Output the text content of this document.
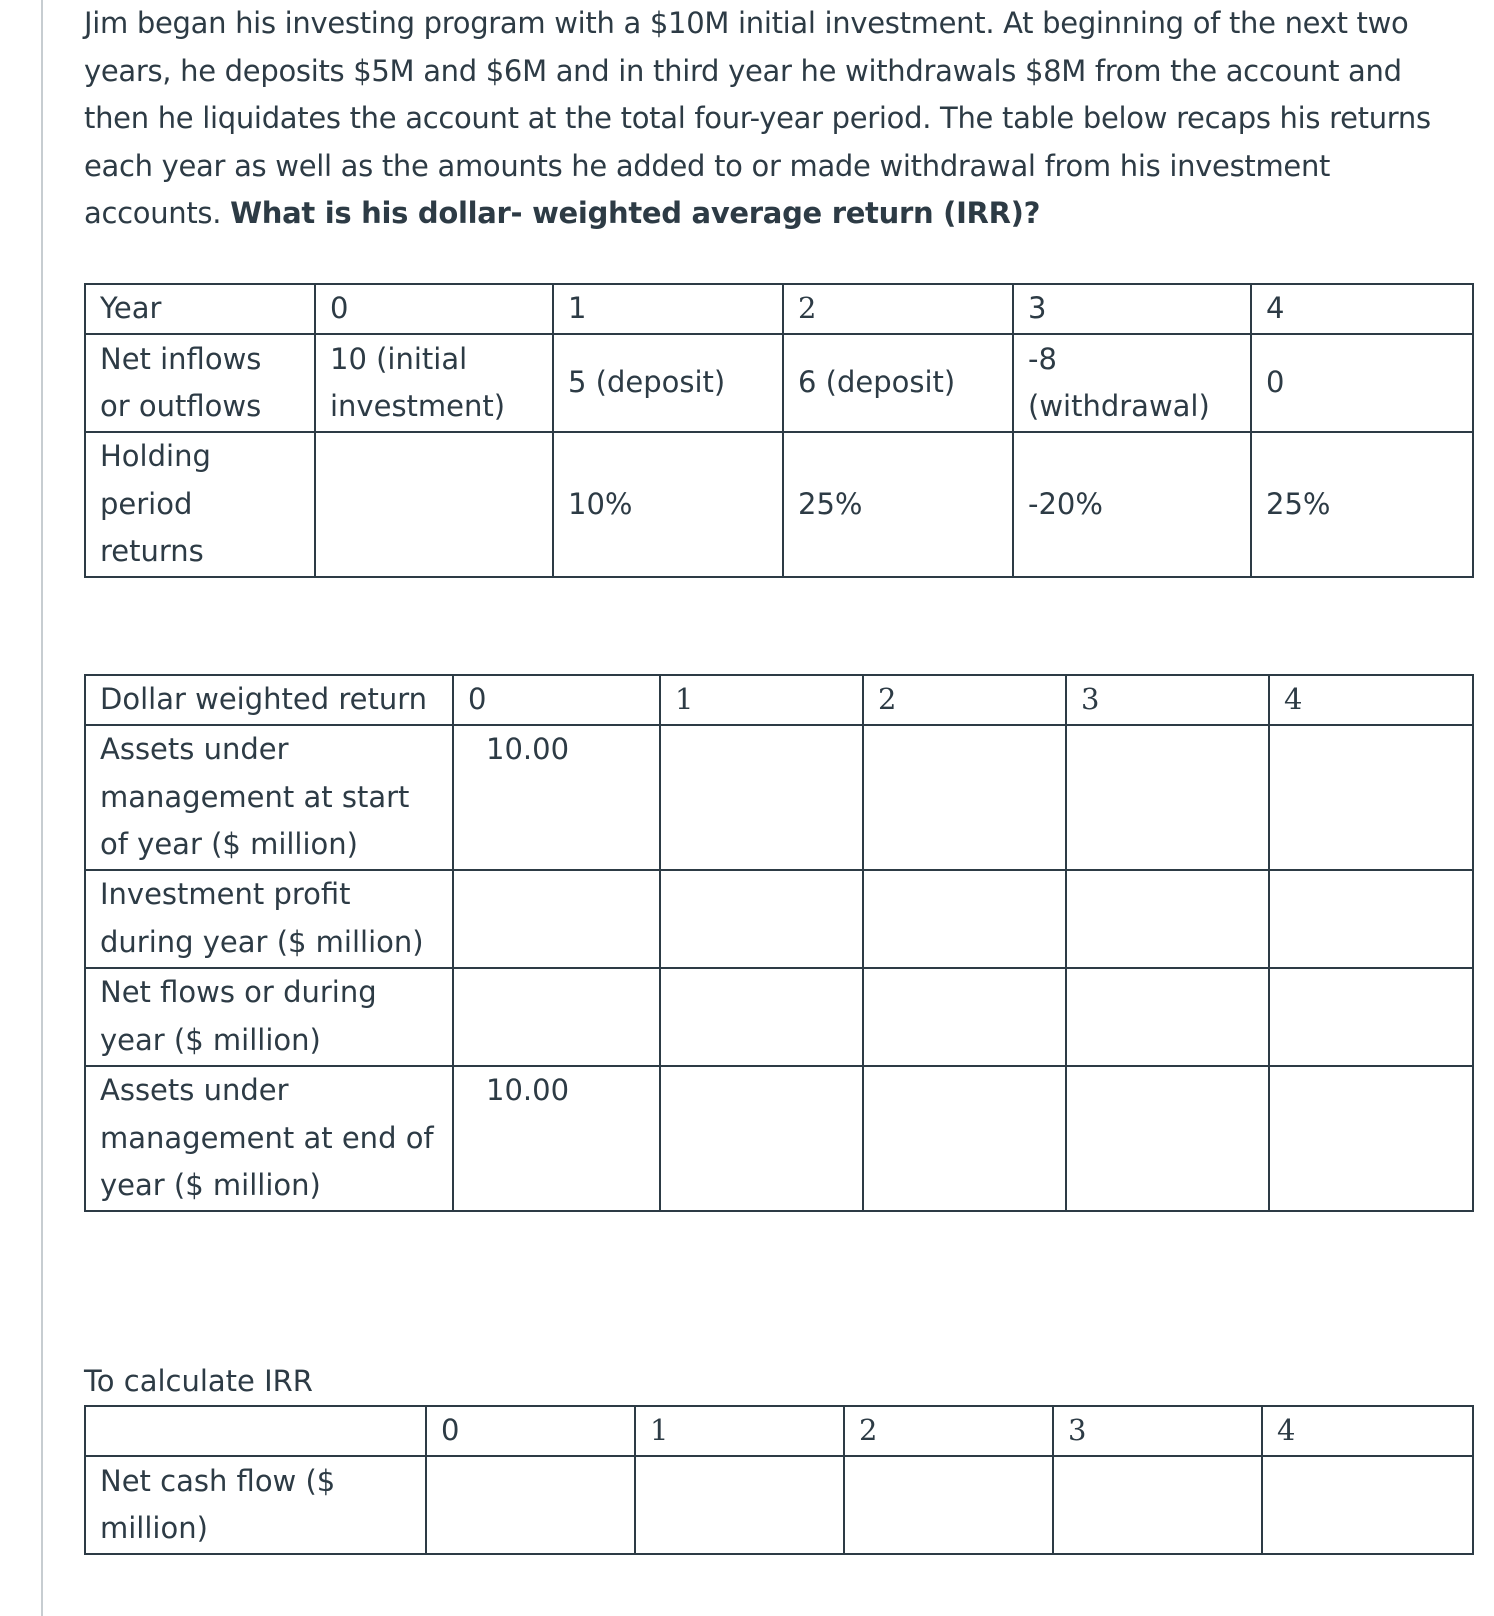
Jim began his investing program with a $10M initial investment. At beginning of the next two years, he deposits $5M and $6M and in third year he withdrawals $8M from the account and then he liquidates the account at the total four-year period. The table below recaps his returns each year as well as the amounts he added to or made withdrawal from his investment accounts. What is his dollar- weighted average return (IRR)?

Year	0	1	2	3	4
Net inflows or outflows	10 (initial investment)	5 (deposit)	6 (deposit)	-8 (withdrawal)	0
Holding period returns		10%	25%	-20%	25%
Dollar weighted return	0	1	2	3	4
Assets under management at start of year ($ million)	10.00				
Investment profit during year ($ million)					
Net flows or during year ($ million)					
Assets under management at end of year ($ million)	10.00				
To calculate IRR
	0	1	2	3	4
Net cash flow ($ million)					
